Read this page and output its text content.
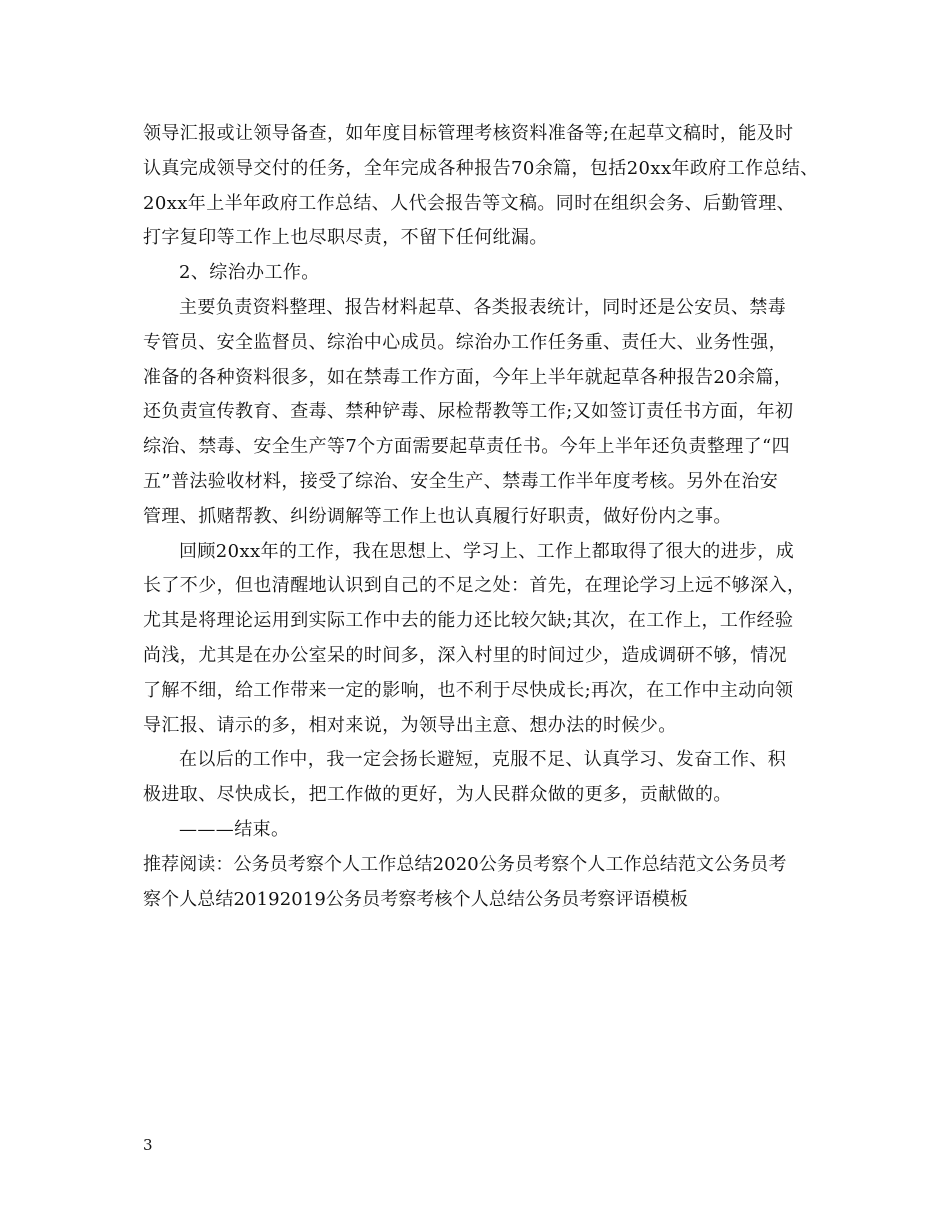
领导汇报或让领导备查，如年度目标管理考核资料准备等;在起草文稿时，能及时
认真完成领导交付的任务，全年完成各种报告70余篇，包括20xx年政府工作总结、
20xx年上半年政府工作总结、人代会报告等文稿。同时在组织会务、后勤管理、
打字复印等工作上也尽职尽责，不留下任何纰漏。
2、综治办工作。
主要负责资料整理、报告材料起草、各类报表统计，同时还是公安员、禁毒
专管员、安全监督员、综治中心成员。综治办工作任务重、责任大、业务性强，
准备的各种资料很多，如在禁毒工作方面，今年上半年就起草各种报告20余篇，
还负责宣传教育、查毒、禁种铲毒、尿检帮教等工作;又如签订责任书方面，年初
综治、禁毒、安全生产等7个方面需要起草责任书。今年上半年还负责整理了“四
五”普法验收材料，接受了综治、安全生产、禁毒工作半年度考核。另外在治安
管理、抓赌帮教、纠纷调解等工作上也认真履行好职责，做好份内之事。
回顾20xx年的工作，我在思想上、学习上、工作上都取得了很大的进步，成
长了不少，但也清醒地认识到自己的不足之处：首先，在理论学习上远不够深入，
尤其是将理论运用到实际工作中去的能力还比较欠缺;其次，在工作上，工作经验
尚浅，尤其是在办公室呆的时间多，深入村里的时间过少，造成调研不够，情况
了解不细，给工作带来一定的影响，也不利于尽快成长;再次，在工作中主动向领
导汇报、请示的多，相对来说，为领导出主意、想办法的时候少。
在以后的工作中，我一定会扬长避短，克服不足、认真学习、发奋工作、积
极进取、尽快成长，把工作做的更好，为人民群众做的更多，贡献做的。
———结束。
推荐阅读：公务员考察个人工作总结2020公务员考察个人工作总结范文公务员考
察个人总结20192019公务员考察考核个人总结公务员考察评语模板
3
